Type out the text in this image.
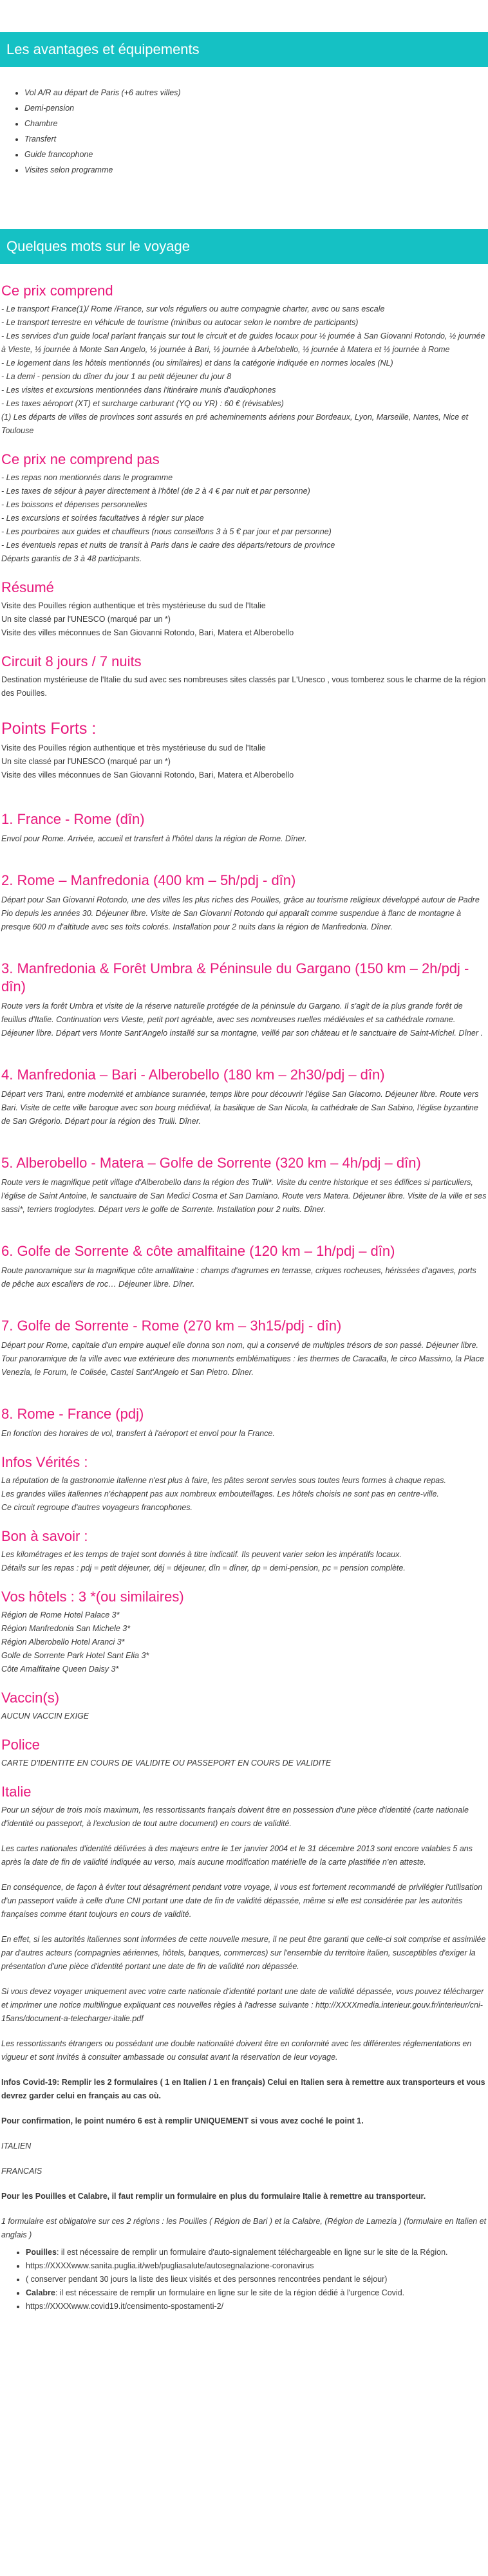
Les avantages et équipements
• Vol A/R au départ de Paris (+6 autres villes)
• Demi-pension
• Chambre
• Transfert
• Guide francophone
• Visites selon programme
Quelques mots sur le voyage
Ce prix comprend

- Le transport France(1)/ Rome /France, sur vols réguliers ou autre compagnie charter, avec ou sans escale

- Le transport terrestre en véhicule de tourisme (minibus ou autocar selon le nombre de participants)

- Les services d'un guide local parlant français sur tout le circuit et de guides locaux pour ½ journée à San Giovanni Rotondo, ½ journée à Vieste, ½ journée à Monte San Angelo, ½ journée à Bari, ½ journée à Arbelobello, ½ journée à Matera et ½ journée à Rome

- Le logement dans les hôtels mentionnés (ou similaires) et dans la catégorie indiquée en normes locales (NL)

- La demi - pension du dîner du jour 1 au petit déjeuner du jour 8

- Les visites et excursions mentionnées dans l'itinéraire munis d'audiophones

- Les taxes aéroport (XT) et surcharge carburant (YQ ou YR) : 60 € (révisables)

(1) Les départs de villes de provinces sont assurés en pré acheminements aériens pour Bordeaux, Lyon, Marseille, Nantes, Nice et Toulouse

Ce prix ne comprend pas

- Les repas non mentionnés dans le programme

- Les taxes de séjour à payer directement à l'hôtel (de 2 à 4 € par nuit et par personne)

- Les boissons et dépenses personnelles

- Les excursions et soirées facultatives à régler sur place

- Les pourboires aux guides et chauffeurs (nous conseillons 3 à 5 € par jour et par personne)

- Les éventuels repas et nuits de transit à Paris dans le cadre des départs/retours de province

Départs garantis de 3 à 48 participants.

Résumé

Visite des Pouilles région authentique et très mystérieuse du sud de l'Italie

Un site classé par l'UNESCO (marqué par un *)

Visite des villes méconnues de San Giovanni Rotondo, Bari, Matera et Alberobello

Circuit 8 jours / 7 nuits

Destination mystérieuse de l'Italie du sud avec ses nombreuses sites classés par L'Unesco , vous tomberez sous le charme de la région des Pouilles.

Points Forts :

Visite des Pouilles région authentique et très mystérieuse du sud de l'Italie

Un site classé par l'UNESCO (marqué par un *)

Visite des villes méconnues de San Giovanni Rotondo, Bari, Matera et Alberobello

1. France - Rome (dîn)

Envol pour Rome. Arrivée, accueil et transfert à l'hôtel dans la région de Rome. Dîner.

2. Rome – Manfredonia (400 km – 5h/pdj - dîn)

Départ pour San Giovanni Rotondo, une des villes les plus riches des Pouilles, grâce au tourisme religieux développé autour de Padre Pio depuis les années 30. Déjeuner libre. Visite de San Giovanni Rotondo qui apparaît comme suspendue à flanc de montagne à presque 600 m d'altitude avec ses toits colorés. Installation pour 2 nuits dans la région de Manfredonia. Dîner.

3. Manfredonia & Forêt Umbra & Péninsule du Gargano (150 km – 2h/pdj - dîn)

Route vers la forêt Umbra et visite de la réserve naturelle protégée de la péninsule du Gargano. Il s'agit de la plus grande forêt de feuillus d'Italie. Continuation vers Vieste, petit port agréable, avec ses nombreuses ruelles médiévales et sa cathédrale romane. Déjeuner libre. Départ vers Monte Sant'Angelo installé sur sa montagne, veillé par son château et le sanctuaire de Saint-Michel. Dîner .

4. Manfredonia – Bari - Alberobello (180 km – 2h30/pdj – dîn)

Départ vers Trani, entre modernité et ambiance surannée, temps libre pour découvrir l'église San Giacomo. Déjeuner libre. Route vers Bari. Visite de cette ville baroque avec son bourg médiéval, la basilique de San Nicola, la cathédrale de San Sabino, l'église byzantine de San Grégorio. Départ pour la région des Trulli. Dîner.

5. Alberobello - Matera – Golfe de Sorrente (320 km – 4h/pdj – dîn)

Route vers le magnifique petit village d'Alberobello dans la région des Trulli*. Visite du centre historique et ses édifices si particuliers, l'église de Saint Antoine, le sanctuaire de San Medici Cosma et San Damiano. Route vers Matera. Déjeuner libre. Visite de la ville et ses sassi*, terriers troglodytes. Départ vers le golfe de Sorrente. Installation pour 2 nuits. Dîner.

6. Golfe de Sorrente & côte amalfitaine (120 km – 1h/pdj – dîn)

Route panoramique sur la magnifique côte amalfitaine : champs d'agrumes en terrasse, criques rocheuses, hérissées d'agaves, ports de pêche aux escaliers de roc… Déjeuner libre. Dîner.

7. Golfe de Sorrente - Rome (270 km – 3h15/pdj - dîn)

Départ pour Rome, capitale d'un empire auquel elle donna son nom, qui a conservé de multiples trésors de son passé. Déjeuner libre. Tour panoramique de la ville avec vue extérieure des monuments emblématiques : les thermes de Caracalla, le circo Massimo, la Place Venezia, le Forum, le Colisée, Castel Sant'Angelo et San Pietro. Dîner.

8. Rome - France (pdj)

En fonction des horaires de vol, transfert à l'aéroport et envol pour la France.

Infos Vérités :

La réputation de la gastronomie italienne n'est plus à faire, les pâtes seront servies sous toutes leurs formes à chaque repas.

Les grandes villes italiennes n'échappent pas aux nombreux embouteillages. Les hôtels choisis ne sont pas en centre-ville.

Ce circuit regroupe d'autres voyageurs francophones.

Bon à savoir :

Les kilométrages et les temps de trajet sont donnés à titre indicatif. Ils peuvent varier selon les impératifs locaux.

Détails sur les repas : pdj = petit déjeuner, déj = déjeuner, dîn = dîner, dp = demi-pension, pc = pension complète.

Vos hôtels : 3 *(ou similaires)

Région de Rome Hotel Palace 3*

Région Manfredonia San Michele 3*

Région Alberobello Hotel Aranci 3*

Golfe de Sorrente Park Hotel Sant Elia 3*

Côte Amalfitaine Queen Daisy 3*

Vaccin(s)

AUCUN VACCIN EXIGE

Police

CARTE D'IDENTITE EN COURS DE VALIDITE OU PASSEPORT EN COURS DE VALIDITE

Italie

Pour un séjour de trois mois maximum, les ressortissants français doivent être en possession d'une pièce d'identité (carte nationale d'identité ou passeport, à l'exclusion de tout autre document) en cours de validité.

Les cartes nationales d'identité délivrées à des majeurs entre le 1er janvier 2004 et le 31 décembre 2013 sont encore valables 5 ans après la date de fin de validité indiquée au verso, mais aucune modification matérielle de la carte plastifiée n'en atteste.

En conséquence, de façon à éviter tout désagrément pendant votre voyage, il vous est fortement recommandé de privilégier l'utilisation d'un passeport valide à celle d'une CNI portant une date de fin de validité dépassée, même si elle est considérée par les autorités françaises comme étant toujours en cours de validité.

En effet, si les autorités italiennes sont informées de cette nouvelle mesure, il ne peut être garanti que celle-ci soit comprise et assimilée par d'autres acteurs (compagnies aériennes, hôtels, banques, commerces) sur l'ensemble du territoire italien, susceptibles d'exiger la présentation d'une pièce d'identité portant une date de fin de validité non dépassée.

Si vous devez voyager uniquement avec votre carte nationale d'identité portant une date de validité dépassée, vous pouvez télécharger et imprimer une notice multilingue expliquant ces nouvelles règles à l'adresse suivante : http://XXXXmedia.interieur.gouv.fr/interieur/cni-15ans/document-a-telecharger-italie.pdf

Les ressortissants étrangers ou possédant une double nationalité doivent être en conformité avec les différentes réglementations en vigueur et sont invités à consulter ambassade ou consulat avant la réservation de leur voyage.

Infos Covid-19: Remplir les 2 formulaires ( 1 en Italien / 1 en français) Celui en Italien sera à remettre aux transporteurs et vous devrez garder celui en français au cas où.

Pour confirmation, le point numéro 6 est à remplir UNIQUEMENT si vous avez coché le point 1.

ITALIEN

FRANCAIS

Pour les Pouilles et Calabre, il faut remplir un formulaire en plus du formulaire Italie à remettre au transporteur.

1 formulaire est obligatoire sur ces 2 régions : les Pouilles ( Région de Bari ) et la Calabre, (Région de Lamezia ) (formulaire en Italien et anglais )

• Pouilles: il est nécessaire de remplir un formulaire d'auto-signalement téléchargeable en ligne sur le site de la Région.
• https://XXXXwww.sanita.puglia.it/web/pugliasalute/autosegnalazione-coronavirus
• ( conserver pendant 30 jours la liste des lieux visités et des personnes rencontrées pendant le séjour)
• Calabre: il est nécessaire de remplir un formulaire en ligne sur le site de la région dédié à l'urgence Covid.
• https://XXXXwww.covid19.it/censimento-spostamenti-2/
